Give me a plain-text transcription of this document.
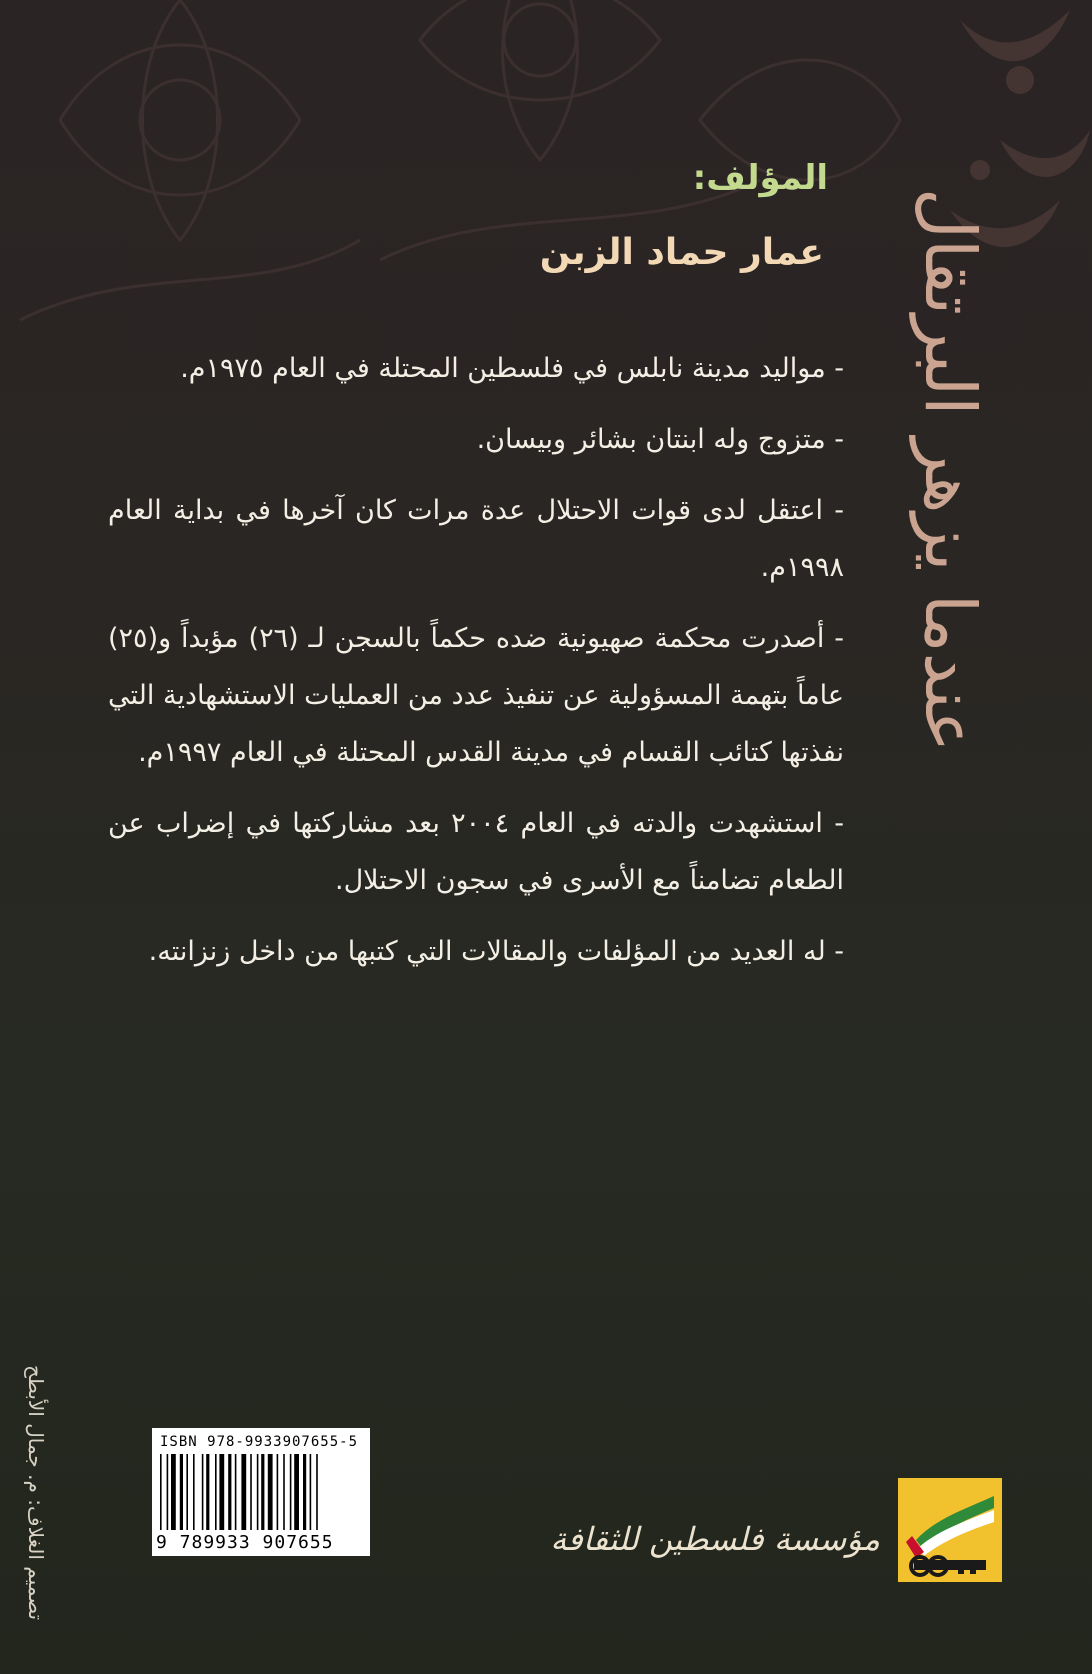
عندما يزهر البرتقال
المؤلف:
عمار حماد الزبن

- مواليد مدينة نابلس في فلسطين المحتلة في العام ١٩٧٥م.

- متزوج وله ابنتان بشائر وبيسان.

- اعتقل لدى قوات الاحتلال عدة مرات كان آخرها في بداية العام ١٩٩٨م.

- أصدرت محكمة صهيونية ضده حكماً بالسجن لـ (٢٦) مؤبداً و(٢٥) عاماً بتهمة المسؤولية عن تنفيذ عدد من العمليات الاستشهادية التي نفذتها كتائب القسام في مدينة القدس المحتلة في العام ١٩٩٧م.

- استشهدت والدته في العام ٢٠٠٤ بعد مشاركتها في إضراب عن الطعام تضامناً مع الأسرى في سجون الاحتلال.

- له العديد من المؤلفات والمقالات التي كتبها من داخل زنزانته.

ISBN 978-9933907655-5
9 789933 907655	مؤسسة فلسطين للثقافة
تصميم الغلاف: م. جمال الأبطح
